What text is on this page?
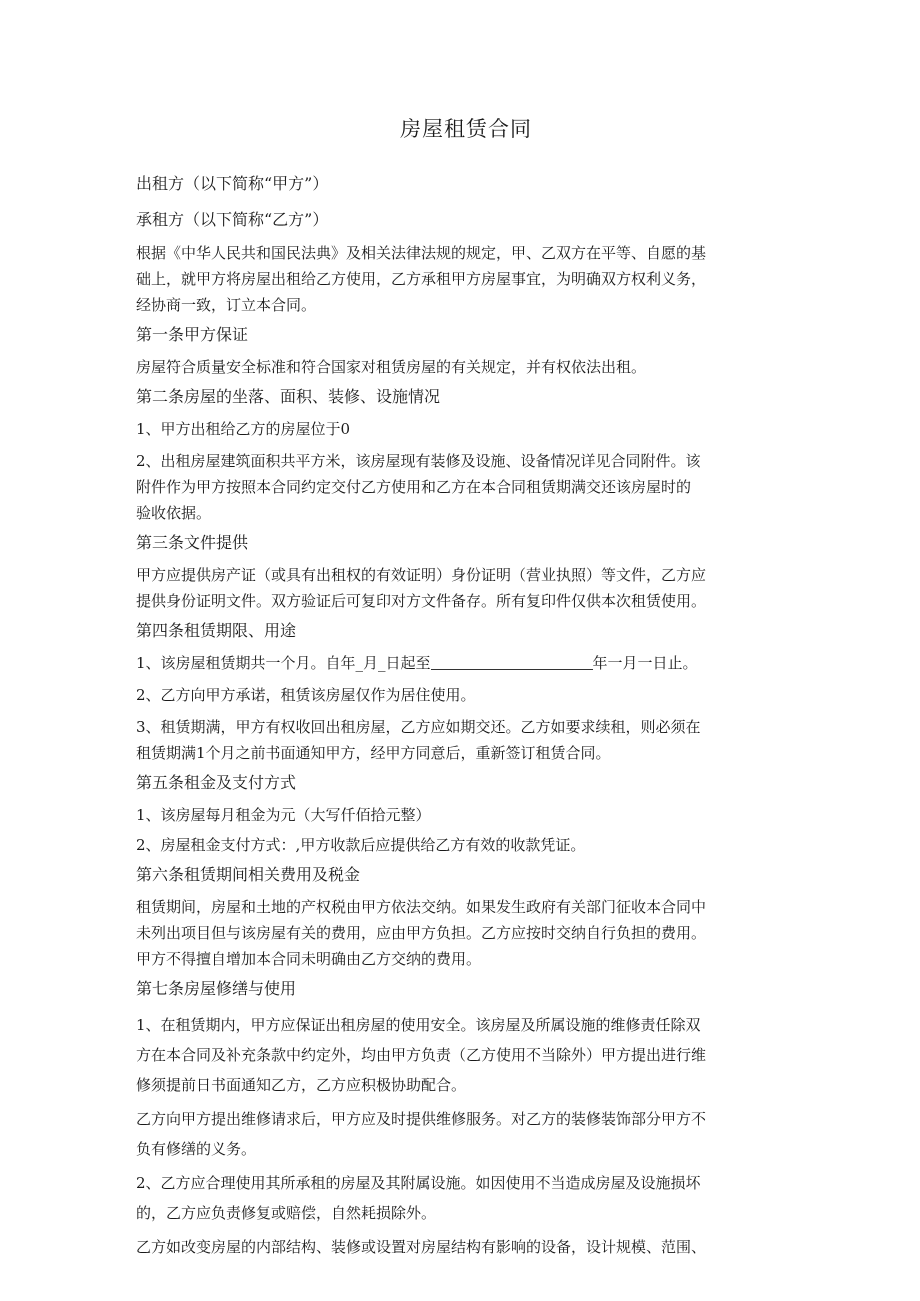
房屋租赁合同
出租方（以下简称“甲方”）
承租方（以下简称“乙方”）
根据《中华人民共和国民法典》及相关法律法规的规定，甲、乙双方在平等、自愿的基
础上，就甲方将房屋出租给乙方使用，乙方承租甲方房屋事宜，为明确双方权利义务，
经协商一致，订立本合同。
第一条甲方保证
房屋符合质量安全标准和符合国家对租赁房屋的有关规定，并有权依法出租。
第二条房屋的坐落、面积、装修、设施情况
1、甲方出租给乙方的房屋位于0
2、出租房屋建筑面积共平方米，该房屋现有装修及设施、设备情况详见合同附件。该
附件作为甲方按照本合同约定交付乙方使用和乙方在本合同租赁期满交还该房屋时的
验收依据。
第三条文件提供
甲方应提供房产证（或具有出租权的有效证明）身份证明（营业执照）等文件，乙方应
提供身份证明文件。双方验证后可复印对方文件备存。所有复印件仅供本次租赁使用。
第四条租赁期限、用途
1、该房屋租赁期共一个月。自年_月_日起至	年一月一日止。
2、乙方向甲方承诺，租赁该房屋仅作为居住使用。
3、租赁期满，甲方有权收回出租房屋，乙方应如期交还。乙方如要求续租，则必须在
租赁期满1个月之前书面通知甲方，经甲方同意后，重新签订租赁合同。
第五条租金及支付方式
1、该房屋每月租金为元（大写仟佰拾元整）
2、房屋租金支付方式：,甲方收款后应提供给乙方有效的收款凭证。
第六条租赁期间相关费用及税金
租赁期间，房屋和土地的产权税由甲方依法交纳。如果发生政府有关部门征收本合同中
未列出项目但与该房屋有关的费用，应由甲方负担。乙方应按时交纳自行负担的费用。
甲方不得擅自增加本合同未明确由乙方交纳的费用。
第七条房屋修缮与使用
1、在租赁期内，甲方应保证出租房屋的使用安全。该房屋及所属设施的维修责任除双
方在本合同及补充条款中约定外，均由甲方负责（乙方使用不当除外）甲方提出进行维
修须提前日书面通知乙方，乙方应积极协助配合。
乙方向甲方提出维修请求后，甲方应及时提供维修服务。对乙方的装修装饰部分甲方不
负有修缮的义务。
2、乙方应合理使用其所承租的房屋及其附属设施。如因使用不当造成房屋及设施损坏
的，乙方应负责修复或赔偿，自然耗损除外。
乙方如改变房屋的内部结构、装修或设置对房屋结构有影响的设备，设计规模、范围、
